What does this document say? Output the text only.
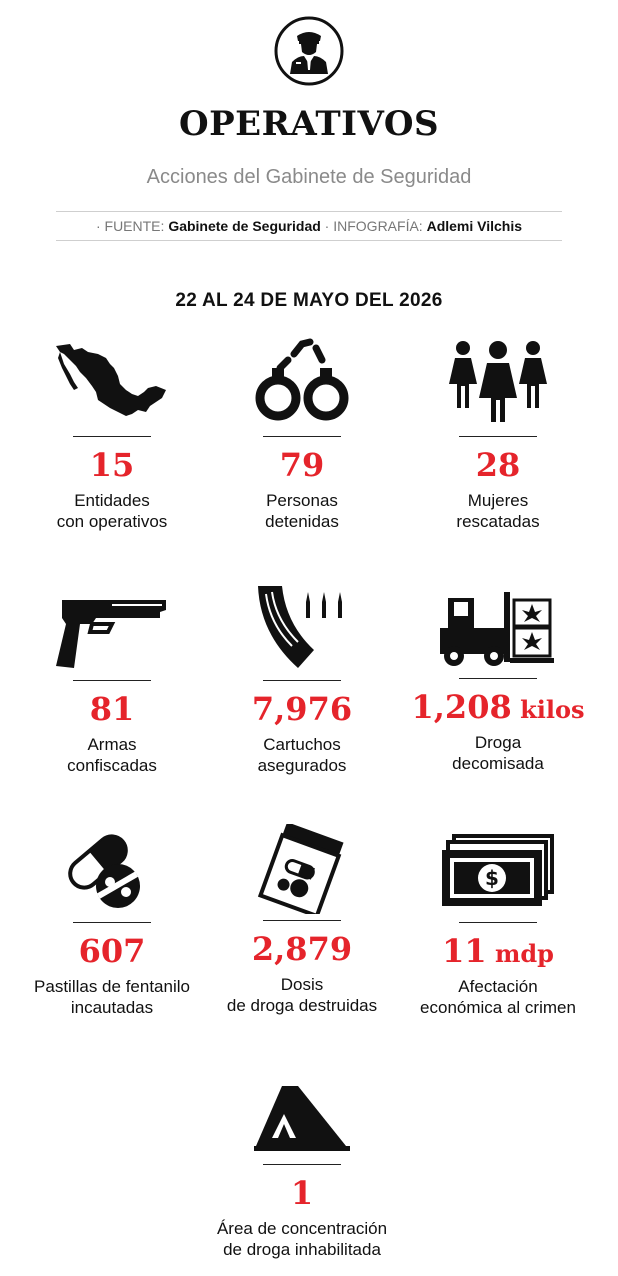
OPERATIVOS
Acciones del Gabinete de Seguridad
· FUENTE: Gabinete de Seguridad · INFOGRAFÍA: Adlemi Vilchis
22 AL 24 DE MAYO DEL 2026
15
Entidades
con operativos
79
Personas
detenidas
28
Mujeres
rescatadas
81
Armas
confiscadas
7,976
Cartuchos
asegurados
1,208 kilos
Droga
decomisada
607
Pastillas de fentanilo
incautadas
2,879
Dosis
de droga destruidas
$
11 mdp
Afectación
económica al crimen
1
Área de concentración
de droga inhabilitada
